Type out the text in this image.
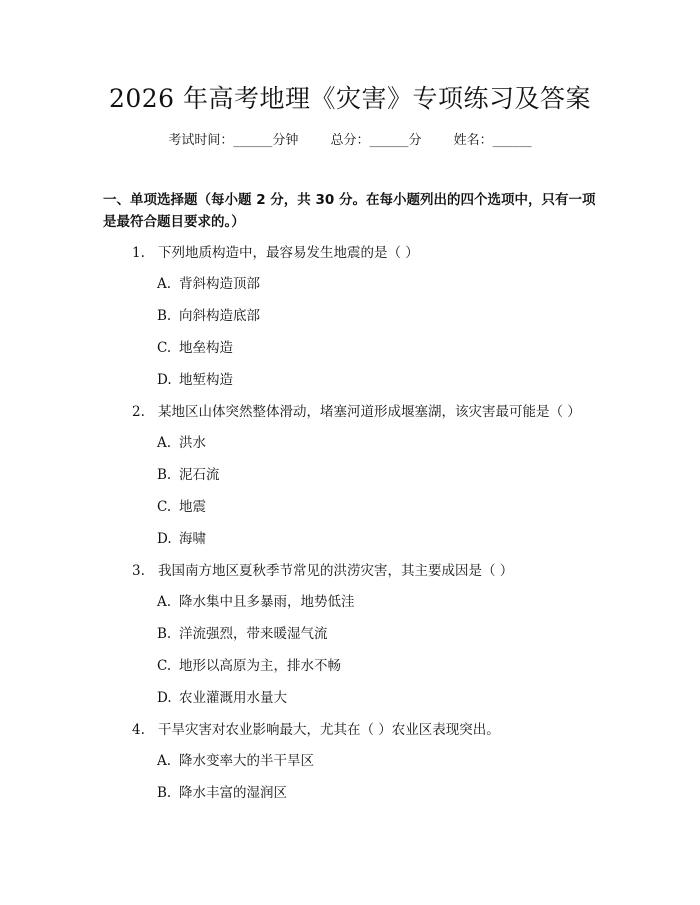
2026 年高考地理《灾害》专项练习及答案
考试时间：______分钟 总分：______分 姓名：______
一、单项选择题（每小题 2 分，共 30 分。在每小题列出的四个选项中，只有一项是最符合题目要求的。）
1. 下列地质构造中，最容易发生地震的是（ ）
A. 背斜构造顶部
B. 向斜构造底部
C. 地垒构造
D. 地堑构造
2. 某地区山体突然整体滑动，堵塞河道形成堰塞湖，该灾害最可能是（ ）
A. 洪水
B. 泥石流
C. 地震
D. 海啸
3. 我国南方地区夏秋季节常见的洪涝灾害，其主要成因是（ ）
A. 降水集中且多暴雨，地势低洼
B. 洋流强烈，带来暖湿气流
C. 地形以高原为主，排水不畅
D. 农业灌溉用水量大
4. 干旱灾害对农业影响最大，尤其在（ ）农业区表现突出。
A. 降水变率大的半干旱区
B. 降水丰富的湿润区
